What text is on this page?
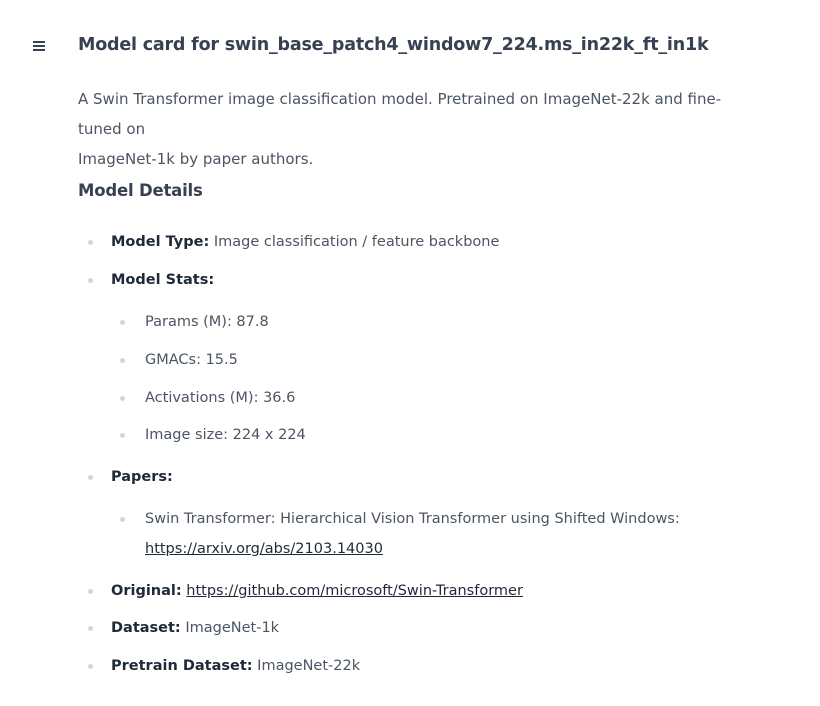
Model card for swin_base_patch4_window7_224.ms_in22k_ft_in1k

A Swin Transformer image classification model. Pretrained on ImageNet-22k and fine-tuned on
ImageNet-1k by paper authors.

Model Details
Model Type: Image classification / feature backbone
Model Stats:
Params (M): 87.8
GMACs: 15.5
Activations (M): 36.6
Image size: 224 x 224
Papers:
Swin Transformer: Hierarchical Vision Transformer using Shifted Windows:
https://arxiv.org/abs/2103.14030
Original: https://github.com/microsoft/Swin-Transformer
Dataset: ImageNet-1k
Pretrain Dataset: ImageNet-22k
